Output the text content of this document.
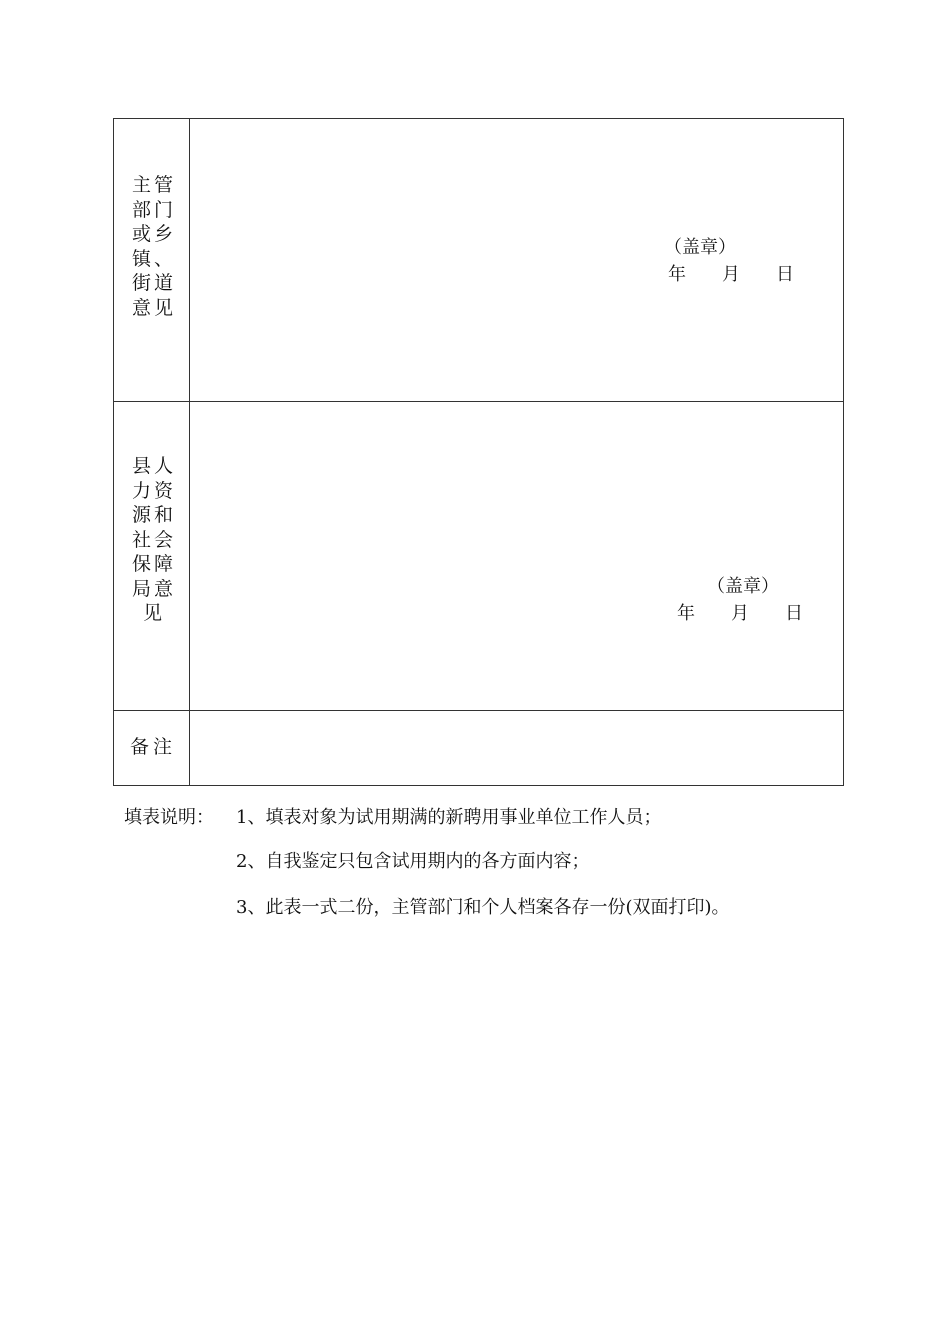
主管部门或乡镇、街道意见
（盖章）
年　　月　　日
县人力资源和社会保障局意见
（盖章）
年　　月　　日
备注
填表说明： 1、填表对象为试用期满的新聘用事业单位工作人员；
2、自我鉴定只包含试用期内的各方面内容；
3、此表一式二份，主管部门和个人档案各存一份(双面打印)。
